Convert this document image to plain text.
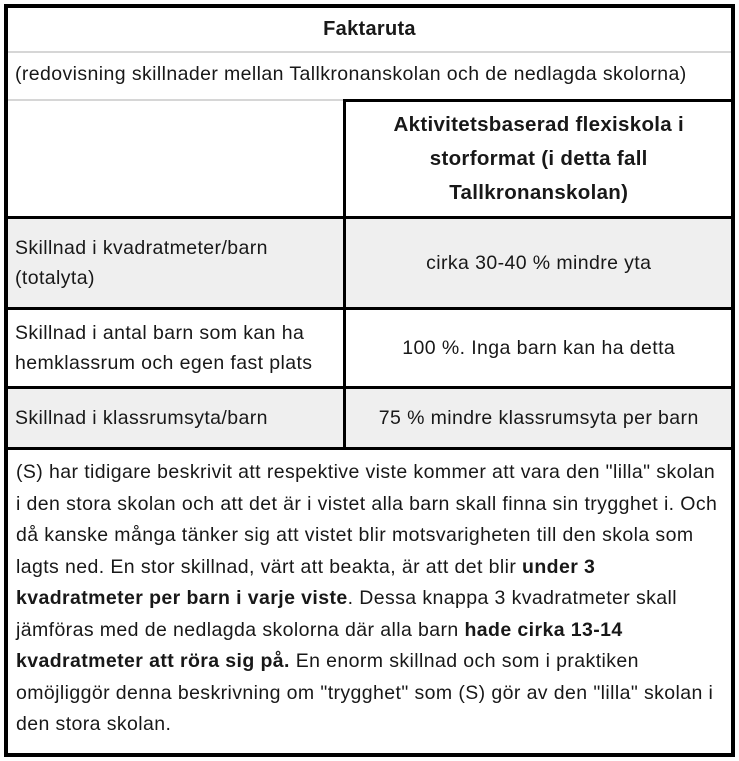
Faktaruta
(redovisning skillnader mellan Tallkronanskolan och de nedlagda skolorna)
Aktivitetsbaserad flexiskola i storformat (i detta fall Tallkronanskolan)
Skillnad i kvadratmeter/barn (totalyta)
cirka 30-40 % mindre yta
Skillnad i antal barn som kan ha hemklassrum och egen fast plats
100 %. Inga barn kan ha detta
Skillnad i klassrumsyta/barn	75 % mindre klassrumsyta per barn
(S) har tidigare beskrivit att respektive viste kommer att vara den "lilla" skolan i den stora skolan och att det är i vistet alla barn skall finna sin trygghet i. Och då kanske många tänker sig att vistet blir motsvarigheten till den skola som lagts ned. En stor skillnad, värt att beakta, är att det blir under 3 kvadratmeter per barn i varje viste. Dessa knappa 3 kvadratmeter skall jämföras med de nedlagda skolorna där alla barn hade cirka 13-14 kvadratmeter att röra sig på. En enorm skillnad och som i praktiken omöjliggör denna beskrivning om "trygghet" som (S) gör av den "lilla" skolan i den stora skolan.
